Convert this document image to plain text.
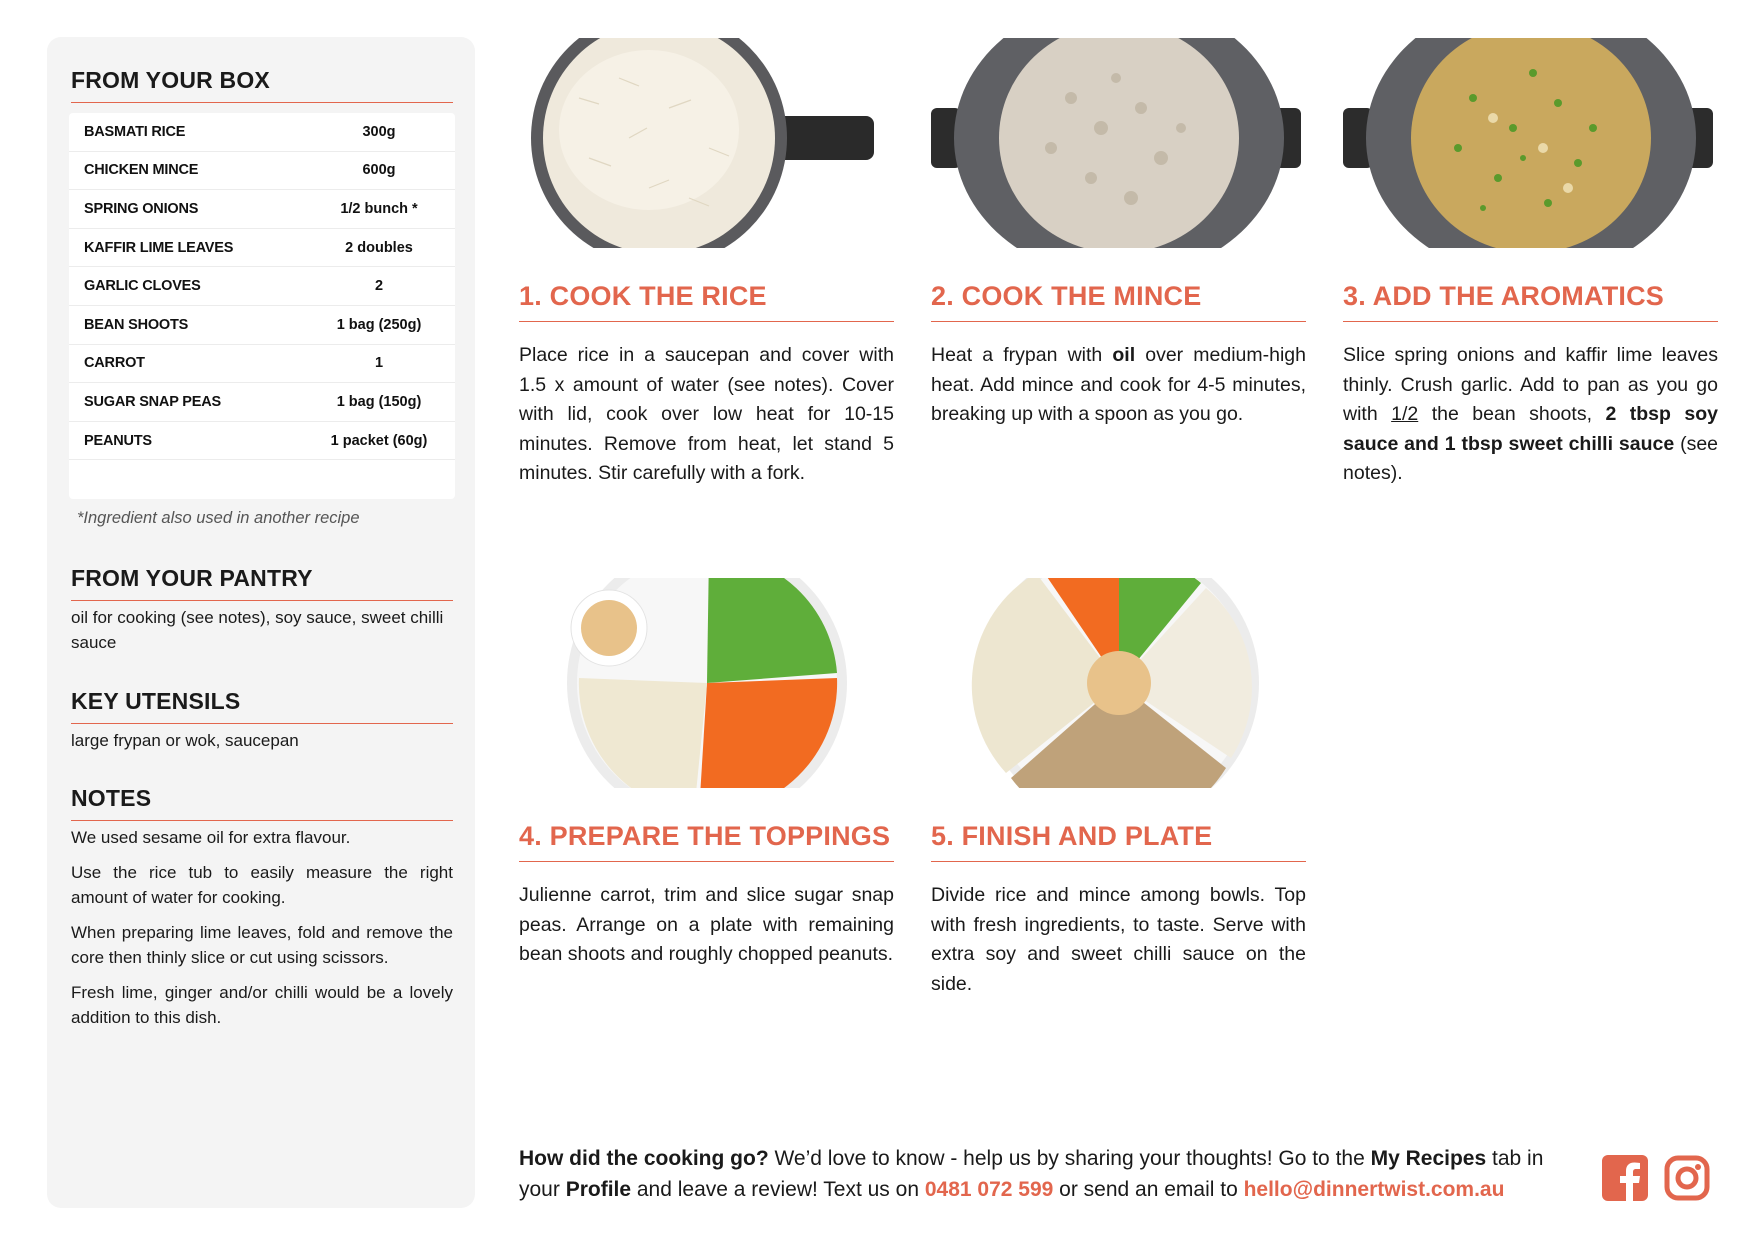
FROM YOUR BOX
BASMATI RICE	300g
CHICKEN MINCE	600g
SPRING ONIONS	1/2 bunch *
KAFFIR LIME LEAVES	2 doubles
GARLIC CLOVES	2
BEAN SHOOTS	1 bag (250g)
CARROT	1
SUGAR SNAP PEAS	1 bag (150g)
PEANUTS	1 packet (60g)
*Ingredient also used in another recipe
FROM YOUR PANTRY
oil for cooking (see notes), soy sauce, sweet chilli sauce
KEY UTENSILS
large frypan or wok, saucepan
NOTES

We used sesame oil for extra flavour.

Use the rice tub to easily measure the right amount of water for cooking.

When preparing lime leaves, fold and remove the core then thinly slice or cut using scissors.

Fresh lime, ginger and/or chilli would be a lovely addition to this dish.

1. COOK THE RICE
Place rice in a saucepan and cover with 1.5 x amount of water (see notes). Cover with lid, cook over low heat for 10-15 minutes. Remove from heat, let stand 5 minutes. Stir carefully with a fork.
2. COOK THE MINCE
Heat a frypan with oil over medium-high heat. Add mince and cook for 4-5 minutes, breaking up with a spoon as you go.
3. ADD THE AROMATICS
Slice spring onions and kaffir lime leaves thinly. Crush garlic. Add to pan as you go with 1/2 the bean shoots, 2 tbsp soy sauce and 1 tbsp sweet chilli sauce (see notes).
4. PREPARE THE TOPPINGS
Julienne carrot, trim and slice sugar snap peas. Arrange on a plate with remaining bean shoots and roughly chopped peanuts.
5. FINISH AND PLATE
Divide rice and mince among bowls. Top with fresh ingredients, to taste. Serve with extra soy and sweet chilli sauce on the side.
How did the cooking go? We’d love to know - help us by sharing your thoughts! Go to the My Recipes tab in your Profile and leave a review! Text us on 0481 072 599 or send an email to hello@dinnertwist.com.au
